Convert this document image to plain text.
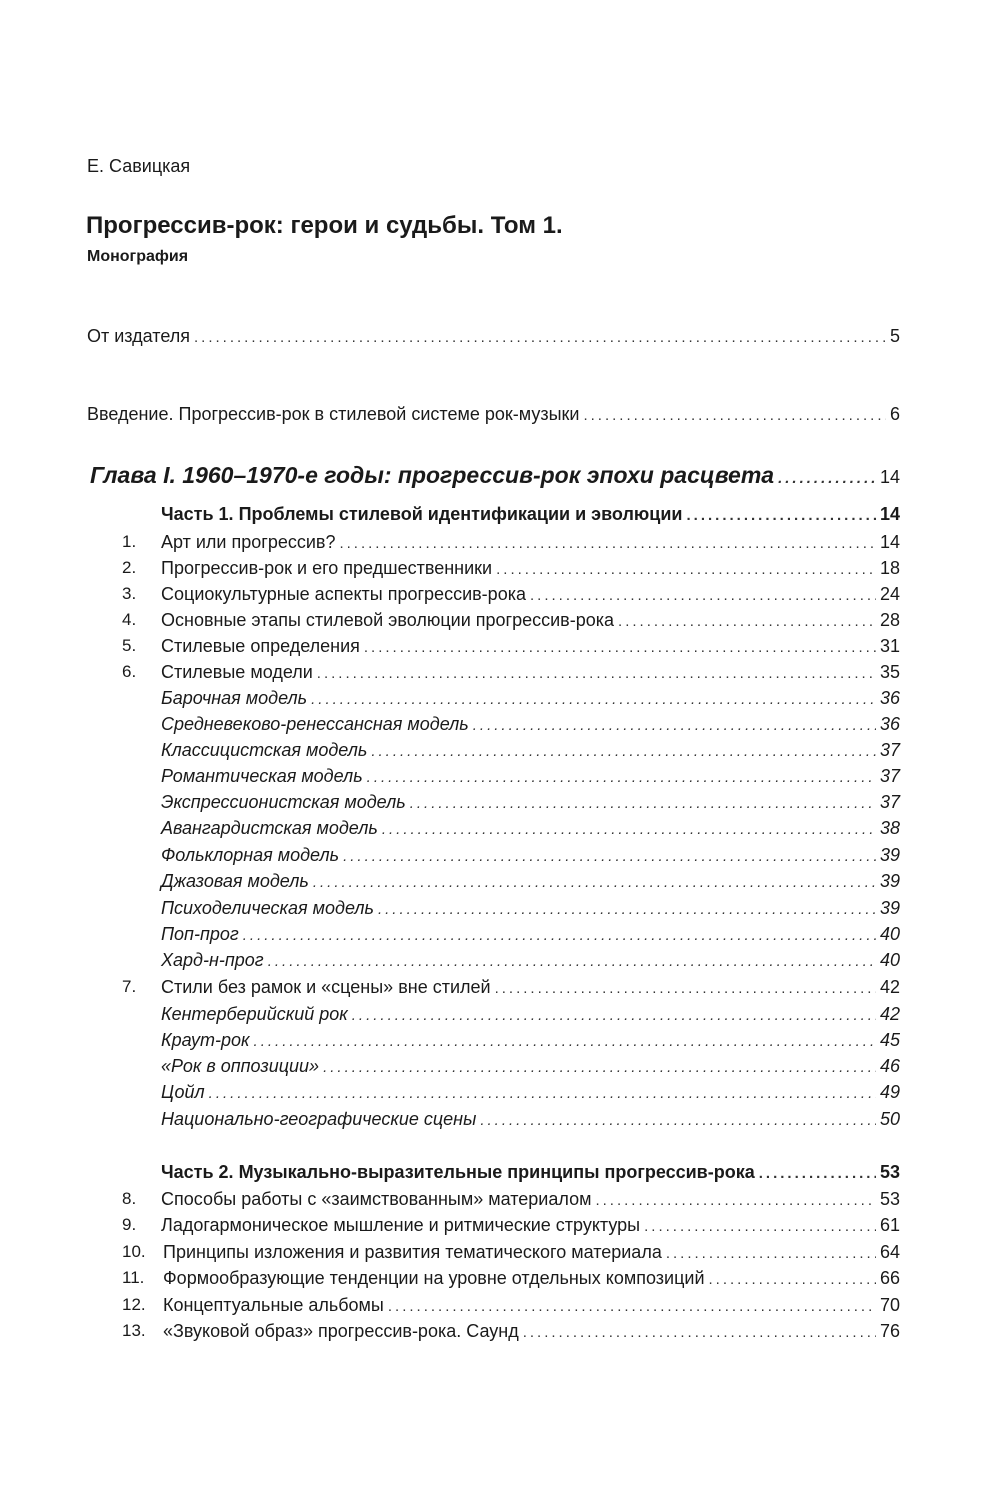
Е. Савицкая
Прогрессив-рок: герои и судьбы. Том 1.
Монография
От издателя .....	5
Введение. Прогрессив-рок в стилевой системе рок-музыки .....	6
Глава I. 1960–1970-е годы: прогрессив-рок эпохи расцвета .....	14
Часть 1. Проблемы стилевой идентификации и эволюции .....	14
1. Арт или прогрессив? .....	14
2. Прогрессив-рок и его предшественники .....	18
3. Социокультурные аспекты прогрессив-рока .....	24
4. Основные этапы стилевой эволюции прогрессив-рока .....	28
5. Стилевые определения .....	31
6. Стилевые модели .....	35
Барочная модель .....	36
Средневеково-ренессансная модель .....	36
Классицистская модель .....	37
Романтическая модель .....	37
Экспрессионистская модель .....	37
Авангардистская модель .....	38
Фольклорная модель .....	39
Джазовая модель .....	39
Психоделическая модель .....	39
Поп-прог .....	40
Хард-н-прог .....	40
7. Стили без рамок и «сцены» вне стилей .....	42
Кентерберийский рок .....	42
Краут-рок .....	45
«Рок в оппозиции» .....	46
Цойл .....	49
Национально-географические сцены .....	50
Часть 2. Музыкально-выразительные принципы прогрессив-рока .....	53
8. Способы работы с «заимствованным» материалом .....	53
9. Ладогармоническое мышление и ритмические структуры .....	61
10. Принципы изложения и развития тематического материала .....	64
11. Формообразующие тенденции на уровне отдельных композиций .....	66
12. Концептуальные альбомы .....	70
13. «Звуковой образ» прогрессив-рока. Саунд .....	76
